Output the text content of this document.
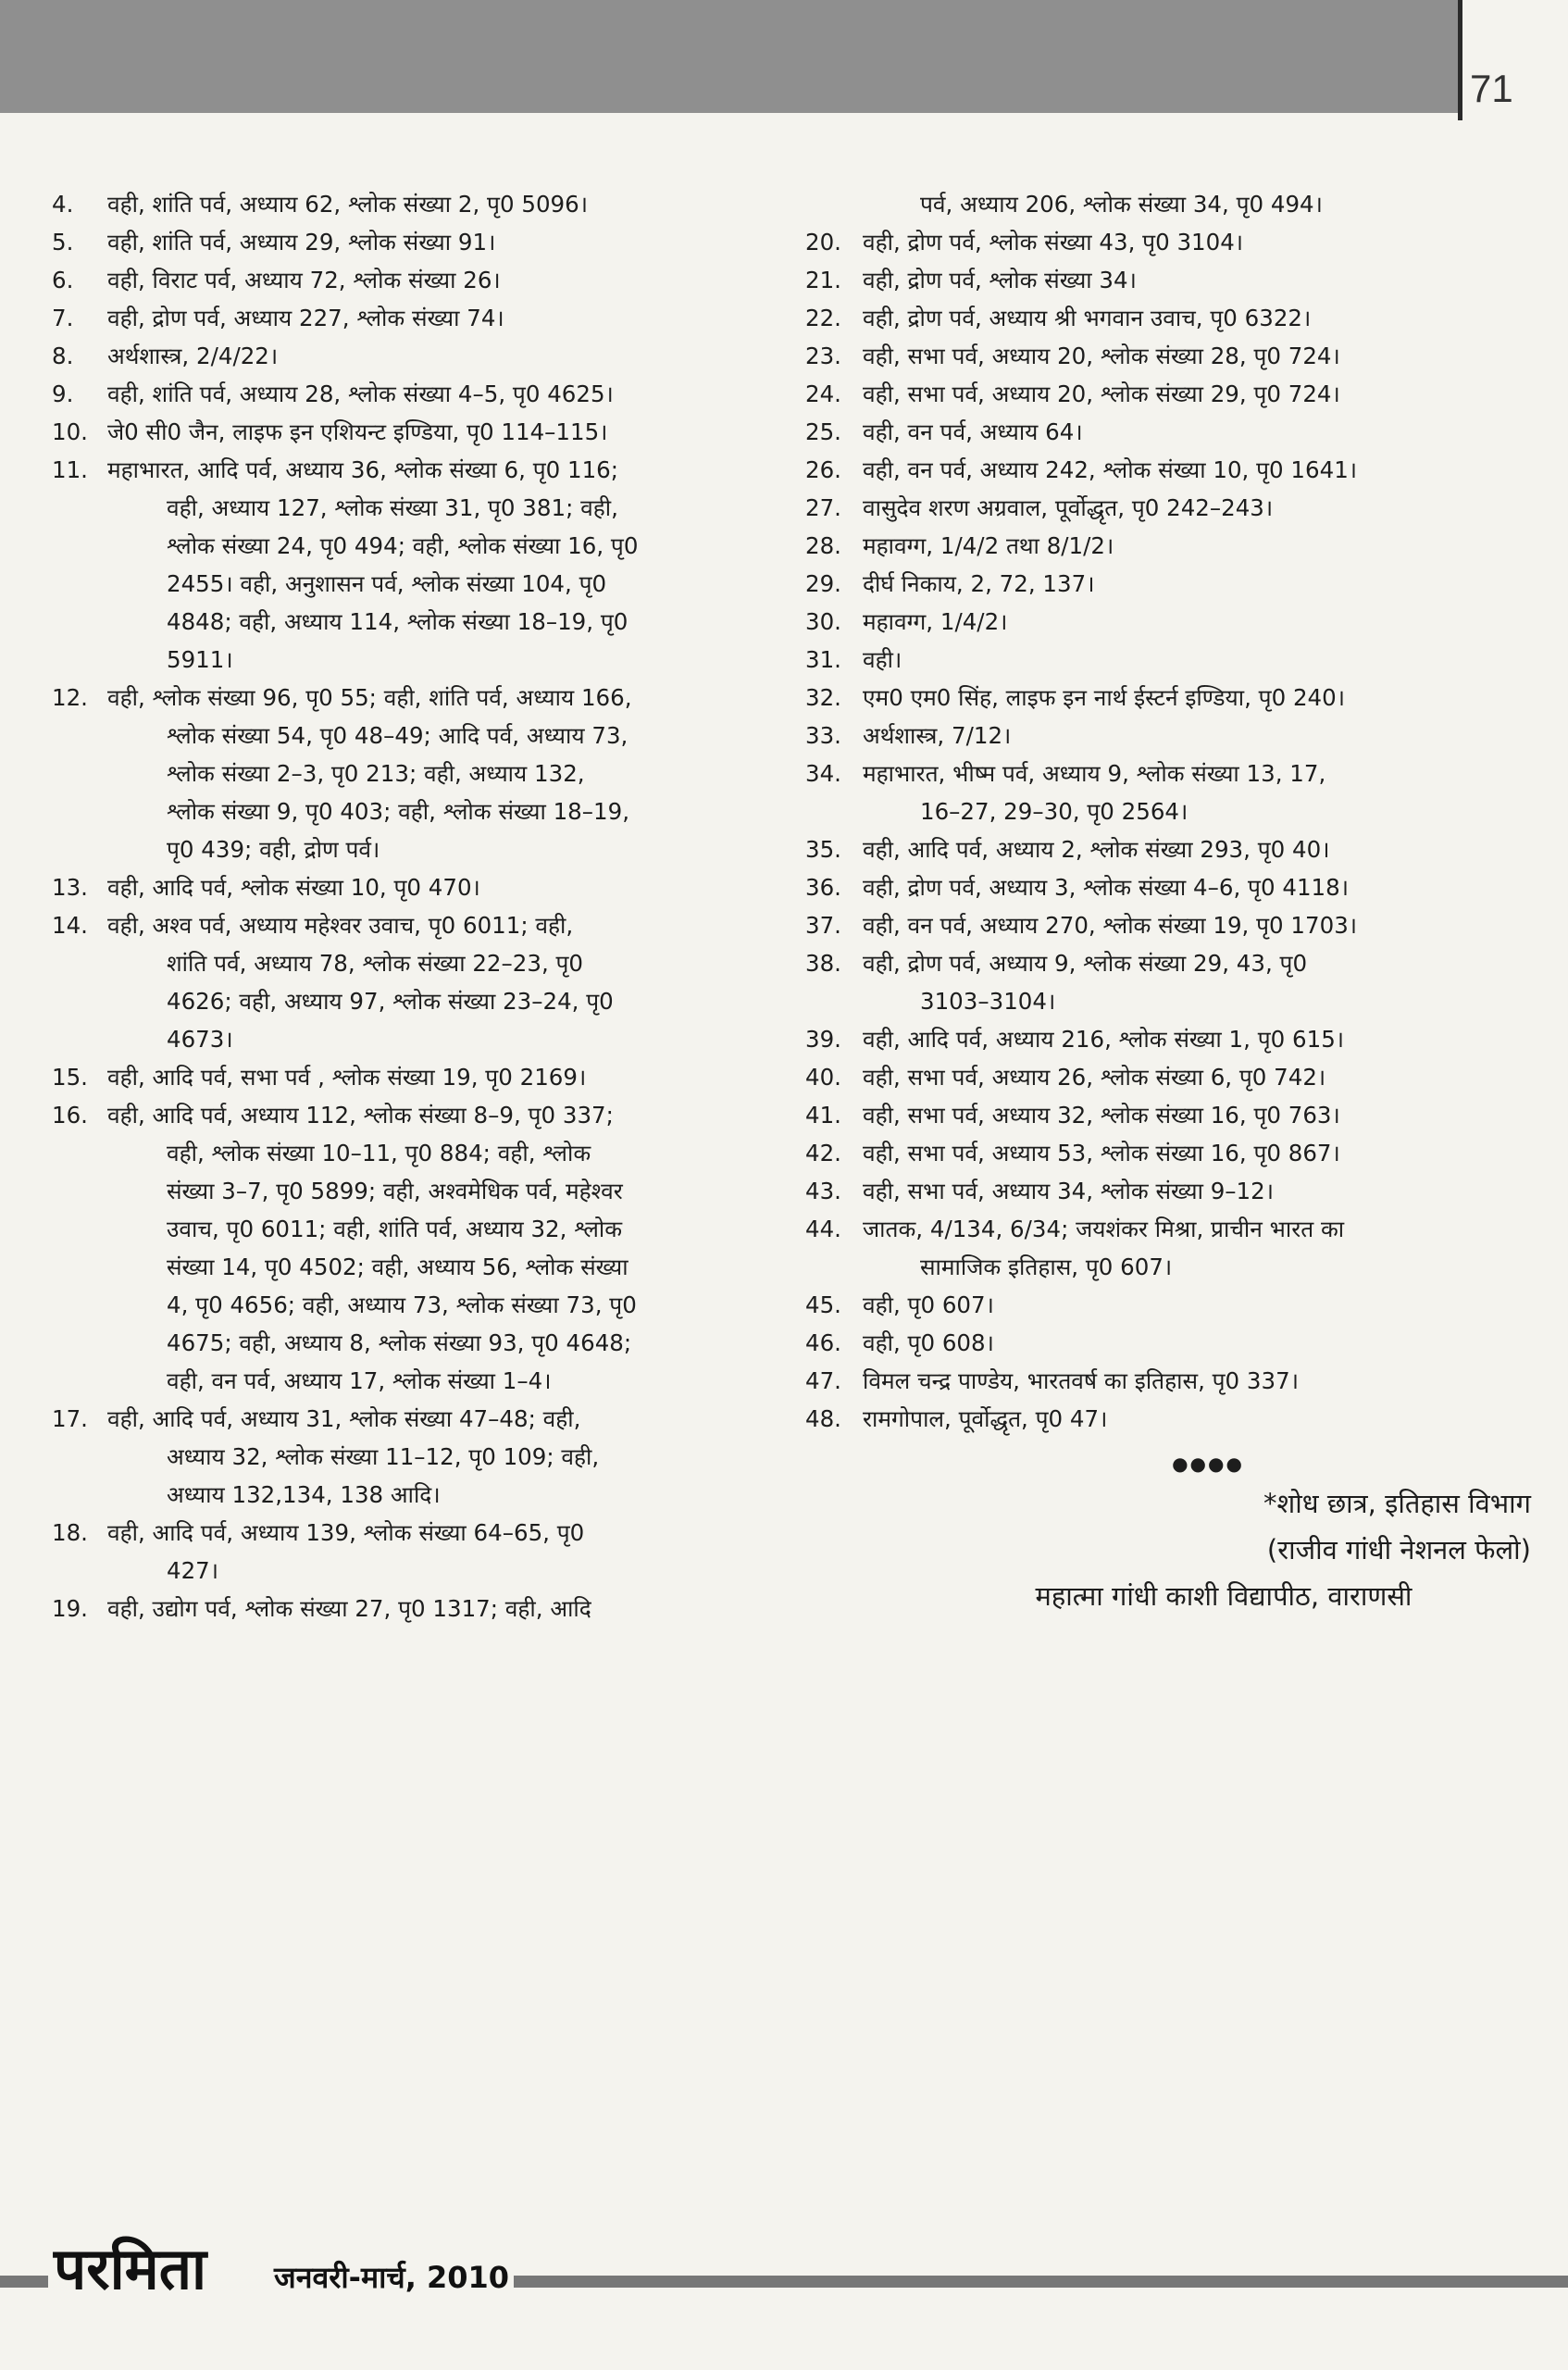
71
4.	वही, शांति पर्व, अध्याय 62, श्लोक संख्या 2, पृ0 5096।
5.	वही, शांति पर्व, अध्याय 29, श्लोक संख्या 91।
6.	वही, विराट पर्व, अध्याय 72, श्लोक संख्या 26।
7.	वही, द्रोण पर्व, अध्याय 227, श्लोक संख्या 74।
8.	अर्थशास्त्र, 2/4/22।
9.	वही, शांति पर्व, अध्याय 28, श्लोक संख्या 4–5, पृ0 4625।
10. जे0 सी0 जैन, लाइफ इन एशियन्ट इण्डिया, पृ0 114–115।
11. महाभारत, आदि पर्व, अध्याय 36, श्लोक संख्या 6, पृ0 116;
वही, अध्याय 127, श्लोक संख्या 31, पृ0 381; वही,
श्लोक संख्या 24, पृ0 494; वही, श्लोक संख्या 16, पृ0
2455। वही, अनुशासन पर्व, श्लोक संख्या 104, पृ0
4848; वही, अध्याय 114, श्लोक संख्या 18–19, पृ0
5911।
12. वही, श्लोक संख्या 96, पृ0 55; वही, शांति पर्व, अध्याय 166,
श्लोक संख्या 54, पृ0 48–49; आदि पर्व, अध्याय 73,
श्लोक संख्या 2–3, पृ0 213; वही, अध्याय 132,
श्लोक संख्या 9, पृ0 403; वही, श्लोक संख्या 18–19,
पृ0 439; वही, द्रोण पर्व।
13. वही, आदि पर्व, श्लोक संख्या 10, पृ0 470।
14. वही, अश्व पर्व, अध्याय महेश्वर उवाच, पृ0 6011; वही,
शांति पर्व, अध्याय 78, श्लोक संख्या 22–23, पृ0
4626; वही, अध्याय 97, श्लोक संख्या 23–24, पृ0
4673।
15. वही, आदि पर्व, सभा पर्व , श्लोक संख्या 19, पृ0 2169।
16. वही, आदि पर्व, अध्याय 112, श्लोक संख्या 8–9, पृ0 337;
वही, श्लोक संख्या 10–11, पृ0 884; वही, श्लोक
संख्या 3–7, पृ0 5899; वही, अश्वमेधिक पर्व, महेश्वर
उवाच, पृ0 6011; वही, शांति पर्व, अध्याय 32, श्लोक
संख्या 14, पृ0 4502; वही, अध्याय 56, श्लोक संख्या
4, पृ0 4656; वही, अध्याय 73, श्लोक संख्या 73, पृ0
4675; वही, अध्याय 8, श्लोक संख्या 93, पृ0 4648;
वही, वन पर्व, अध्याय 17, श्लोक संख्या 1–4।
17. वही, आदि पर्व, अध्याय 31, श्लोक संख्या 47–48; वही,
अध्याय 32, श्लोक संख्या 11–12, पृ0 109; वही,
अध्याय 132,134, 138 आदि।
18. वही, आदि पर्व, अध्याय 139, श्लोक संख्या 64–65, पृ0
427।
19. वही, उद्योग पर्व, श्लोक संख्या 27, पृ0 1317; वही, आदि
पर्व, अध्याय 206, श्लोक संख्या 34, पृ0 494।
20. वही, द्रोण पर्व, श्लोक संख्या 43, पृ0 3104।
21. वही, द्रोण पर्व, श्लोक संख्या 34।
22. वही, द्रोण पर्व, अध्याय श्री भगवान उवाच, पृ0 6322।
23. वही, सभा पर्व, अध्याय 20, श्लोक संख्या 28, पृ0 724।
24. वही, सभा पर्व, अध्याय 20, श्लोक संख्या 29, पृ0 724।
25. वही, वन पर्व, अध्याय 64।
26. वही, वन पर्व, अध्याय 242, श्लोक संख्या 10, पृ0 1641।
27. वासुदेव शरण अग्रवाल, पूर्वोद्धृत, पृ0 242–243।
28. महावग्ग, 1/4/2 तथा 8/1/2।
29. दीर्घ निकाय, 2, 72, 137।
30. महावग्ग, 1/4/2।
31. वही।
32. एम0 एम0 सिंह, लाइफ इन नार्थ ईस्टर्न इण्डिया, पृ0 240।
33. अर्थशास्त्र, 7/12।
34. महाभारत, भीष्म पर्व, अध्याय 9, श्लोक संख्या 13, 17,
16–27, 29–30, पृ0 2564।
35. वही, आदि पर्व, अध्याय 2, श्लोक संख्या 293, पृ0 40।
36. वही, द्रोण पर्व, अध्याय 3, श्लोक संख्या 4–6, पृ0 4118।
37. वही, वन पर्व, अध्याय 270, श्लोक संख्या 19, पृ0 1703।
38. वही, द्रोण पर्व, अध्याय 9, श्लोक संख्या 29, 43, पृ0
3103–3104।
39. वही, आदि पर्व, अध्याय 216, श्लोक संख्या 1, पृ0 615।
40. वही, सभा पर्व, अध्याय 26, श्लोक संख्या 6, पृ0 742।
41. वही, सभा पर्व, अध्याय 32, श्लोक संख्या 16, पृ0 763।
42. वही, सभा पर्व, अध्याय 53, श्लोक संख्या 16, पृ0 867।
43. वही, सभा पर्व, अध्याय 34, श्लोक संख्या 9–12।
44. जातक, 4/134, 6/34; जयशंकर मिश्रा, प्राचीन भारत का
सामाजिक इतिहास, पृ0 607।
45. वही, पृ0 607।
46. वही, पृ0 608।
47. विमल चन्द्र पाण्डेय, भारतवर्ष का इतिहास, पृ0 337।
48. रामगोपाल, पूर्वोद्धृत, पृ0 47।
●●●●
*शोध छात्र, इतिहास विभाग
(राजीव गांधी नेशनल फेलो)
महात्मा गांधी काशी विद्यापीठ, वाराणसी
परमिता जनवरी-मार्च, 2010
